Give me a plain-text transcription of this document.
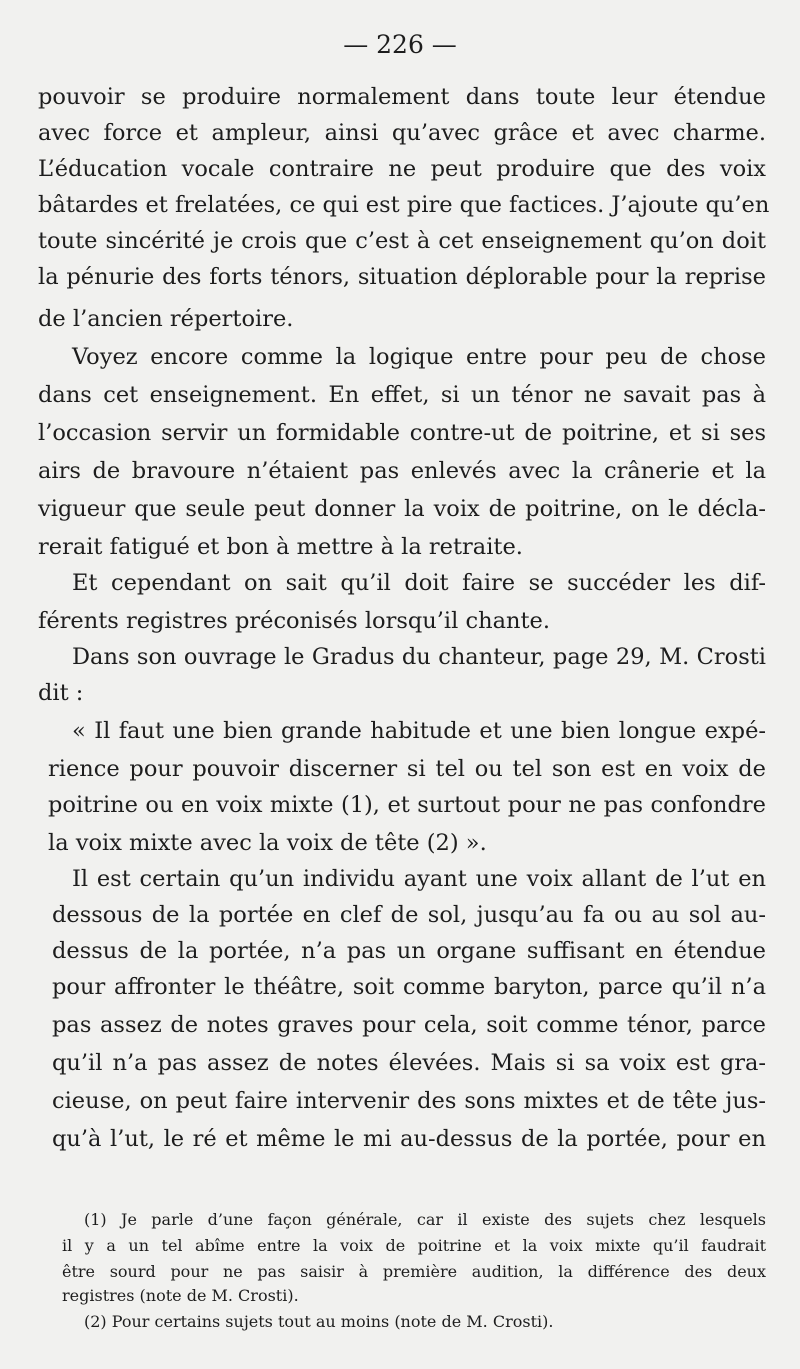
— 226 —
pouvoir se produire normalement dans toute leur étendue
avec force et ampleur, ainsi qu’avec grâce et avec charme.
L’éducation vocale contraire ne peut produire que des voix
bâtardes et frelatées, ce qui est pire que factices. J’ajoute qu’en
toute sincérité je crois que c’est à cet enseignement qu’on doit
la pénurie des forts ténors, situation déplorable pour la reprise
de l’ancien répertoire.
Voyez encore comme la logique entre pour peu de chose
dans cet enseignement. En effet, si un ténor ne savait pas à
l’occasion servir un formidable contre-ut de poitrine, et si ses
airs de bravoure n’étaient pas enlevés avec la crânerie et la
vigueur que seule peut donner la voix de poitrine, on le décla-
rerait fatigué et bon à mettre à la retraite.
Et cependant on sait qu’il doit faire se succéder les dif-
férents registres préconisés lorsqu’il chante.
Dans son ouvrage le Gradus du chanteur, page 29, M. Crosti
dit :
« Il faut une bien grande habitude et une bien longue expé-
rience pour pouvoir discerner si tel ou tel son est en voix de
poitrine ou en voix mixte (1), et surtout pour ne pas confondre
la voix mixte avec la voix de tête (2) ».
Il est certain qu’un individu ayant une voix allant de l’ut en
dessous de la portée en clef de sol, jusqu’au fa ou au sol au-
dessus de la portée, n’a pas un organe suffisant en étendue
pour affronter le théâtre, soit comme baryton, parce qu’il n’a
pas assez de notes graves pour cela, soit comme ténor, parce
qu’il n’a pas assez de notes élevées. Mais si sa voix est gra-
cieuse, on peut faire intervenir des sons mixtes et de tête jus-
qu’à l’ut, le ré et même le mi au-dessus de la portée, pour en
(1) Je parle d’une façon générale, car il existe des sujets chez lesquels
il y a un tel abîme entre la voix de poitrine et la voix mixte qu’il faudrait
être sourd pour ne pas saisir à première audition, la différence des deux
registres (note de M. Crosti).
(2) Pour certains sujets tout au moins (note de M. Crosti).
